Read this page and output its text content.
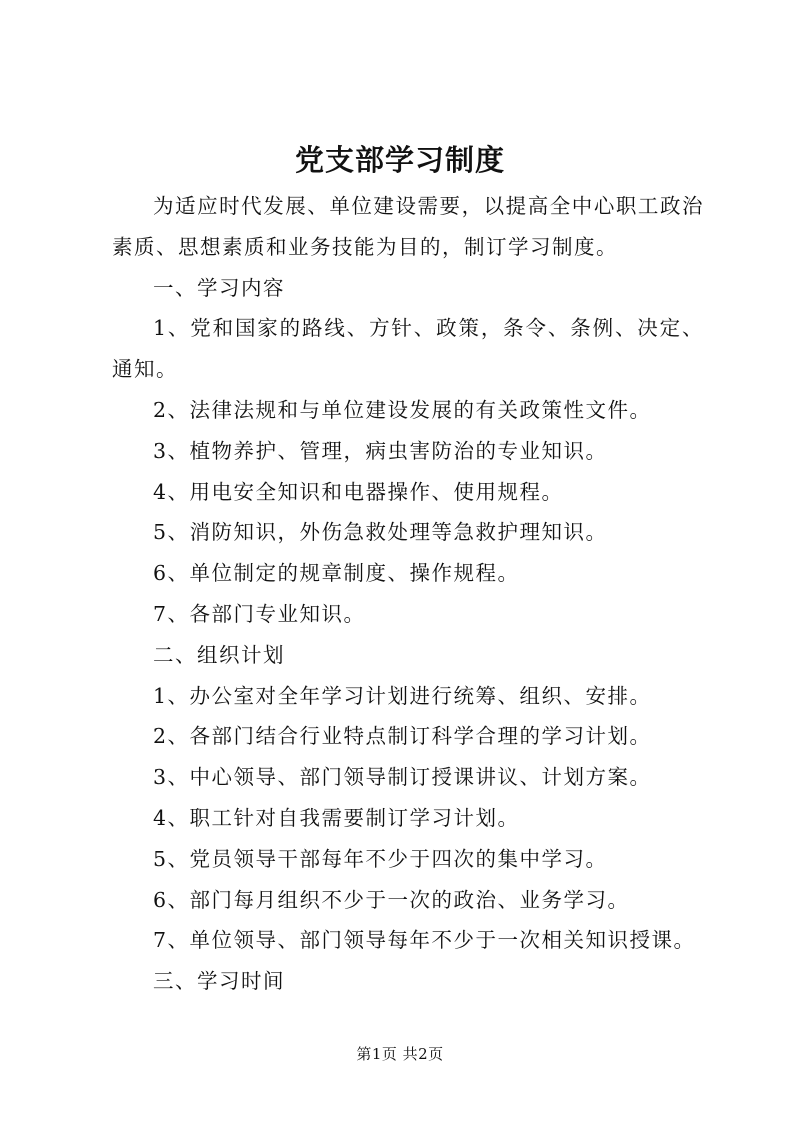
党支部学习制度

为适应时代发展、单位建设需要，以提高全中心职工政治素质、思想素质和业务技能为目的，制订学习制度。

一、学习内容

1、党和国家的路线、方针、政策，条令、条例、决定、通知。

2、法律法规和与单位建设发展的有关政策性文件。

3、植物养护、管理，病虫害防治的专业知识。

4、用电安全知识和电器操作、使用规程。

5、消防知识，外伤急救处理等急救护理知识。

6、单位制定的规章制度、操作规程。

7、各部门专业知识。

二、组织计划

1、办公室对全年学习计划进行统筹、组织、安排。

2、各部门结合行业特点制订科学合理的学习计划。

3、中心领导、部门领导制订授课讲议、计划方案。

4、职工针对自我需要制订学习计划。

5、党员领导干部每年不少于四次的集中学习。

6、部门每月组织不少于一次的政治、业务学习。

7、单位领导、部门领导每年不少于一次相关知识授课。

三、学习时间

第1页 共2页
